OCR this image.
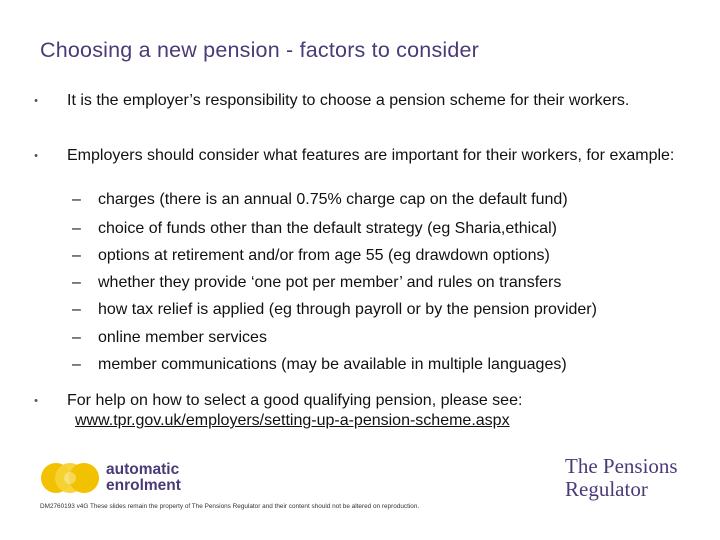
Choosing a new pension - factors to consider
• It is the employer’s responsibility to choose a pension scheme for their workers.
• Employers should consider what features are important for their workers, for example:
– charges (there is an annual 0.75% charge cap on the default fund)
– choice of funds other than the default strategy (eg Sharia,ethical)
– options at retirement and/or from age 55 (eg drawdown options)
– whether they provide ‘one pot per member’ and rules on transfers
– how tax relief is applied (eg through payroll or by the pension provider)
– online member services
– member communications (may be available in multiple languages)
• For help on how to select a good qualifying pension, please see:
www.tpr.gov.uk/employers/setting-up-a-pension-scheme.aspx
automatic
enrolment
The Pensions
Regulator
DM2760193 v4G These slides remain the property of The Pensions Regulator and their content should not be altered on reproduction.
